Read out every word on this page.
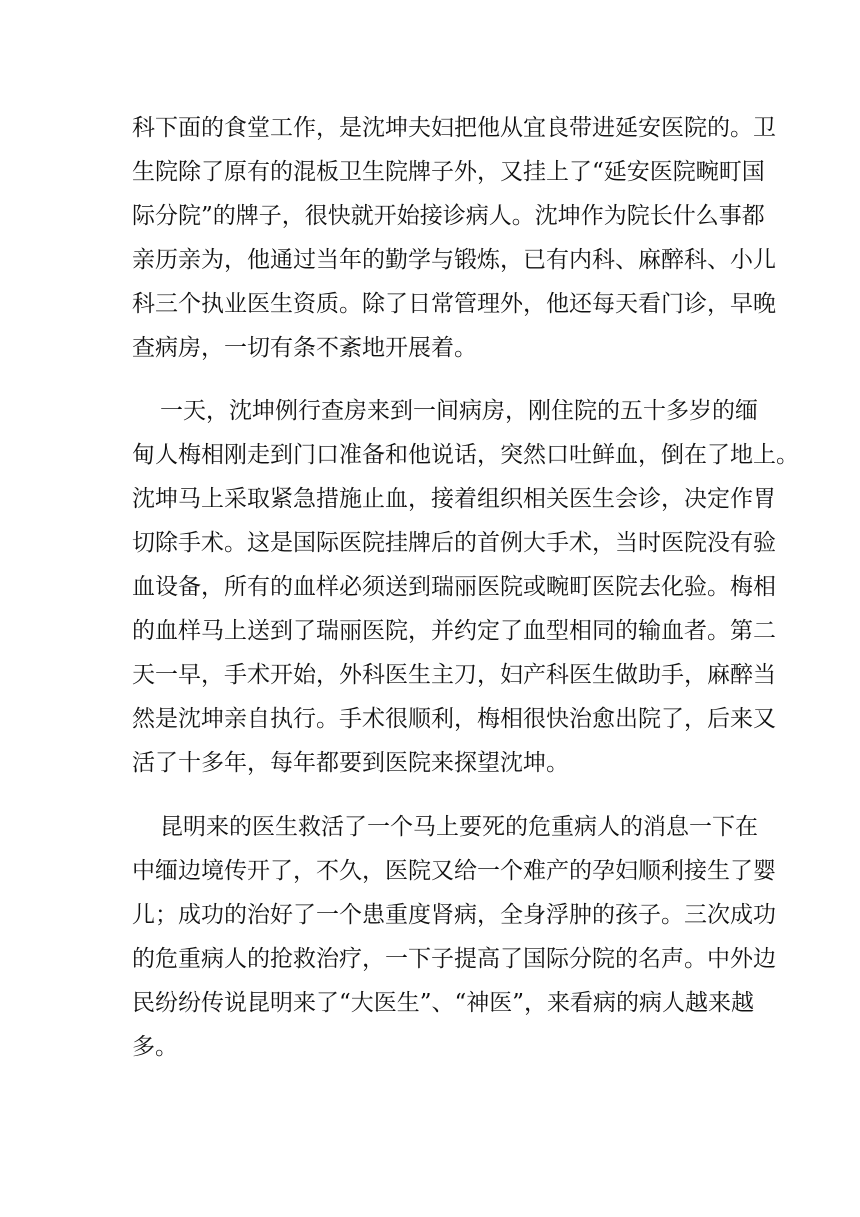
科下面的食堂工作，是沈坤夫妇把他从宜良带进延安医院的。卫
生院除了原有的混板卫生院牌子外，又挂上了“延安医院畹町国
际分院”的牌子，很快就开始接诊病人。沈坤作为院长什么事都
亲历亲为，他通过当年的勤学与锻炼，已有内科、麻醉科、小儿
科三个执业医生资质。除了日常管理外，他还每天看门诊，早晚
查病房，一切有条不紊地开展着。
一天，沈坤例行查房来到一间病房，刚住院的五十多岁的缅
甸人梅相刚走到门口准备和他说话，突然口吐鲜血，倒在了地上。
沈坤马上采取紧急措施止血，接着组织相关医生会诊，决定作胃
切除手术。这是国际医院挂牌后的首例大手术，当时医院没有验
血设备，所有的血样必须送到瑞丽医院或畹町医院去化验。梅相
的血样马上送到了瑞丽医院，并约定了血型相同的输血者。第二
天一早，手术开始，外科医生主刀，妇产科医生做助手，麻醉当
然是沈坤亲自执行。手术很顺利，梅相很快治愈出院了，后来又
活了十多年，每年都要到医院来探望沈坤。
昆明来的医生救活了一个马上要死的危重病人的消息一下在
中缅边境传开了，不久，医院又给一个难产的孕妇顺利接生了婴
儿；成功的治好了一个患重度肾病，全身浮肿的孩子。三次成功
的危重病人的抢救治疗，一下子提高了国际分院的名声。中外边
民纷纷传说昆明来了“大医生”、“神医”，来看病的病人越来越
多。
